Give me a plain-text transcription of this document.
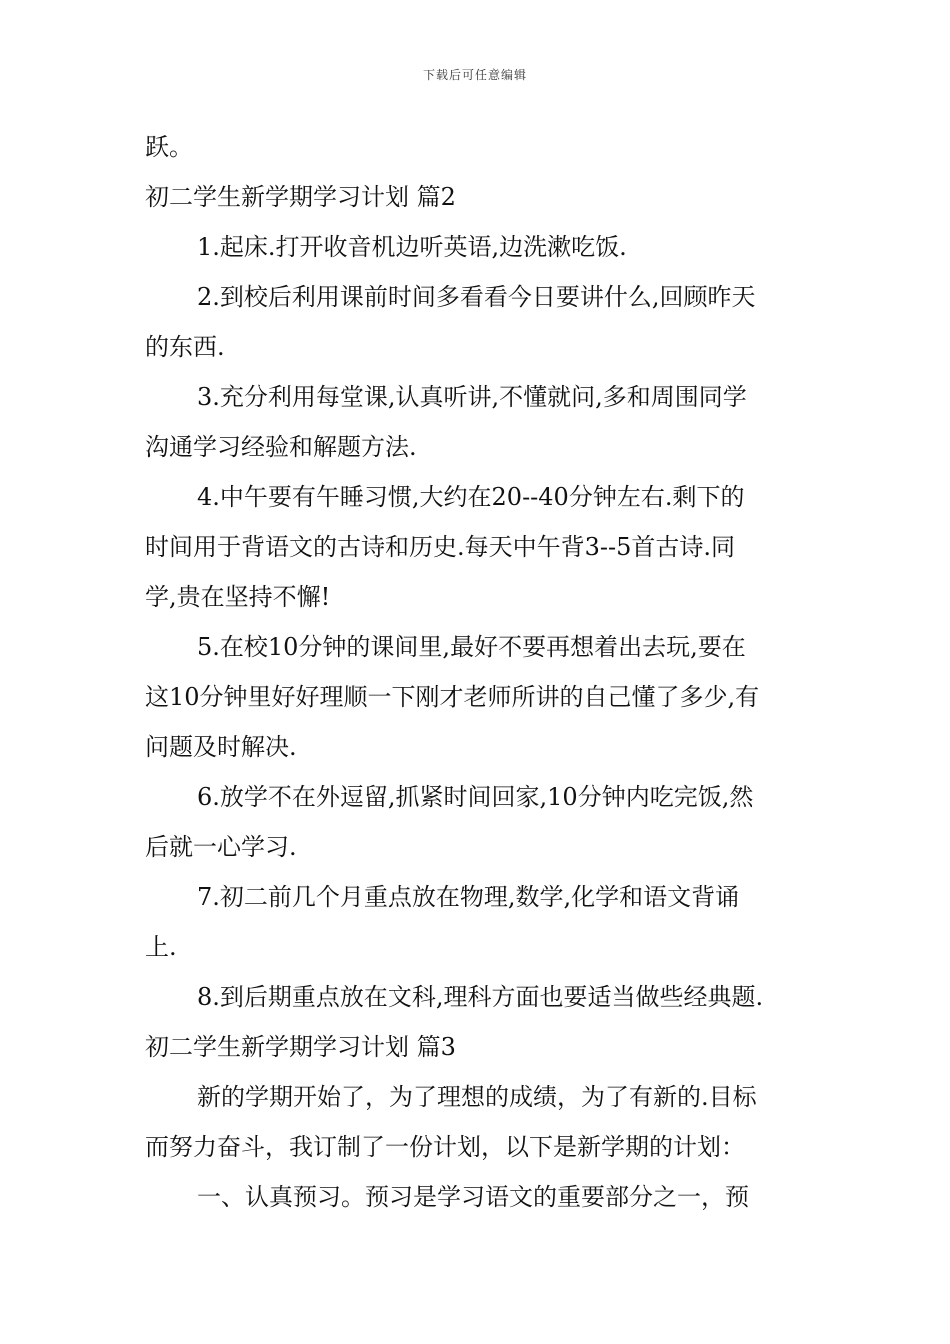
下载后可任意编辑
跃。
初二学生新学期学习计划 篇2
1.起床.打开收音机边听英语,边洗漱吃饭.
2.到校后利用课前时间多看看今日要讲什么,回顾昨天
的东西.
3.充分利用每堂课,认真听讲,不懂就问,多和周围同学
沟通学习经验和解题方法.
4.中午要有午睡习惯,大约在20--40分钟左右.剩下的
时间用于背语文的古诗和历史.每天中午背3--5首古诗.同
学,贵在坚持不懈!
5.在校10分钟的课间里,最好不要再想着出去玩,要在
这10分钟里好好理顺一下刚才老师所讲的自己懂了多少,有
问题及时解决.
6.放学不在外逗留,抓紧时间回家,10分钟内吃完饭,然
后就一心学习.
7.初二前几个月重点放在物理,数学,化学和语文背诵
上.
8.到后期重点放在文科,理科方面也要适当做些经典题.
初二学生新学期学习计划 篇3
新的学期开始了，为了理想的成绩，为了有新的.目标
而努力奋斗，我订制了一份计划，以下是新学期的计划：
一、认真预习。预习是学习语文的重要部分之一，预
